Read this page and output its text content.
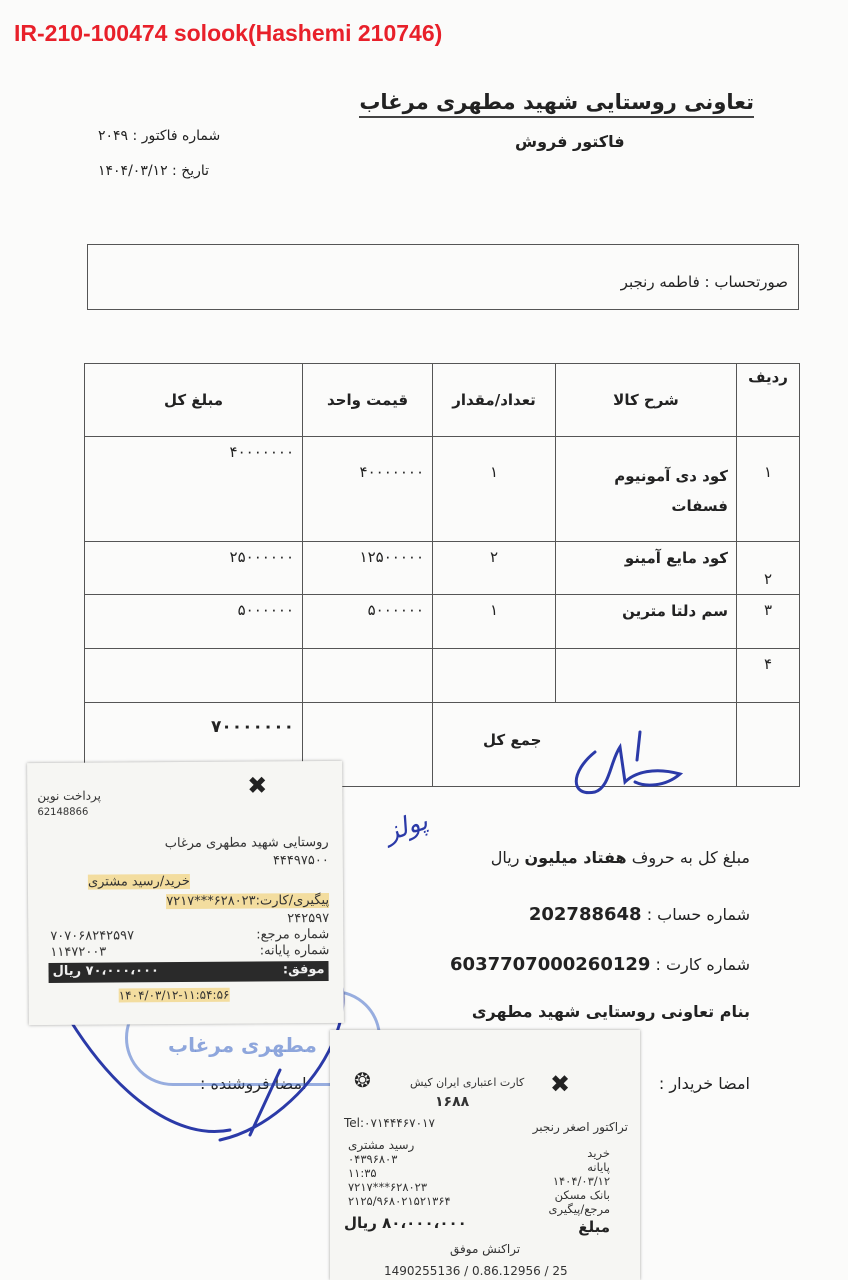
IR-210-100474 solook(Hashemi 210746)
تعاونی روستایی شهید مطهری مرغاب
فاکتور فروش
شماره فاکتور : ۲۰۴۹
تاریخ : ۱۴۰۴/۰۳/۱۲
صورتحساب : فاطمه رنجبر
مبلغ کل	قیمت واحد	تعداد/مقدار	شرح کالا	ردیف
۴۰۰۰۰۰۰۰	۴۰۰۰۰۰۰۰	۱	کود دی آمونیوم فسفات	۱
۲۵۰۰۰۰۰۰	۱۲۵۰۰۰۰۰	۲	کود مایع آمینو	۲
۵۰۰۰۰۰۰	۵۰۰۰۰۰۰	۱	سم دلتا مترین	۳
				۴
۷۰۰۰۰۰۰۰		جمع کل		
پولز
مبلغ کل به حروف هفتاد میلیون ریال
شماره حساب : 202788648
شماره کارت : 6037707000260129
بنام تعاونی روستایی شهید مطهری
امضا خریدار :
امضا فروشنده :
مطهری مرغاب
پرداخت نوین
62148866
✖
روستایی شهید مطهری مرغاب
۴۴۴۹۷۵۰۰
خرید/رسید مشتری
پیگیری/کارت:۶۲۸۰۲۳***۷۲۱۷
۲۴۲۵۹۷
شماره مرجع:
۷۰۷۰۶۸۲۴۲۵۹۷
شماره پایانه:
۱۱۴۷۲۰۰۳
موفق:
۷۰،۰۰۰،۰۰۰ ریال
۱۴۰۴/۰۳/۱۲-۱۱:۵۴:۵۶
✖
کارت اعتباری ایران کیش
❂
۱۶۸۸
Tel:۰۷۱۴۴۴۶۷۰۱۷	تراکتور اصغر رنجبر
رسید مشتری
خرید
۰۴۳۹۶۸۰۳
پایانه
۱۱:۳۵
۱۴۰۴/۰۳/۱۲
۶۲۸۰۲۳***۷۲۱۷
بانک مسکن
۲۱۲۵/۹۶۸۰۲۱۵۲۱۳۶۴
مرجع/پیگیری
۸۰،۰۰۰،۰۰۰ ریال	مبلغ
تراکنش موفق
1490255136 / 0.86.12956 / 25
